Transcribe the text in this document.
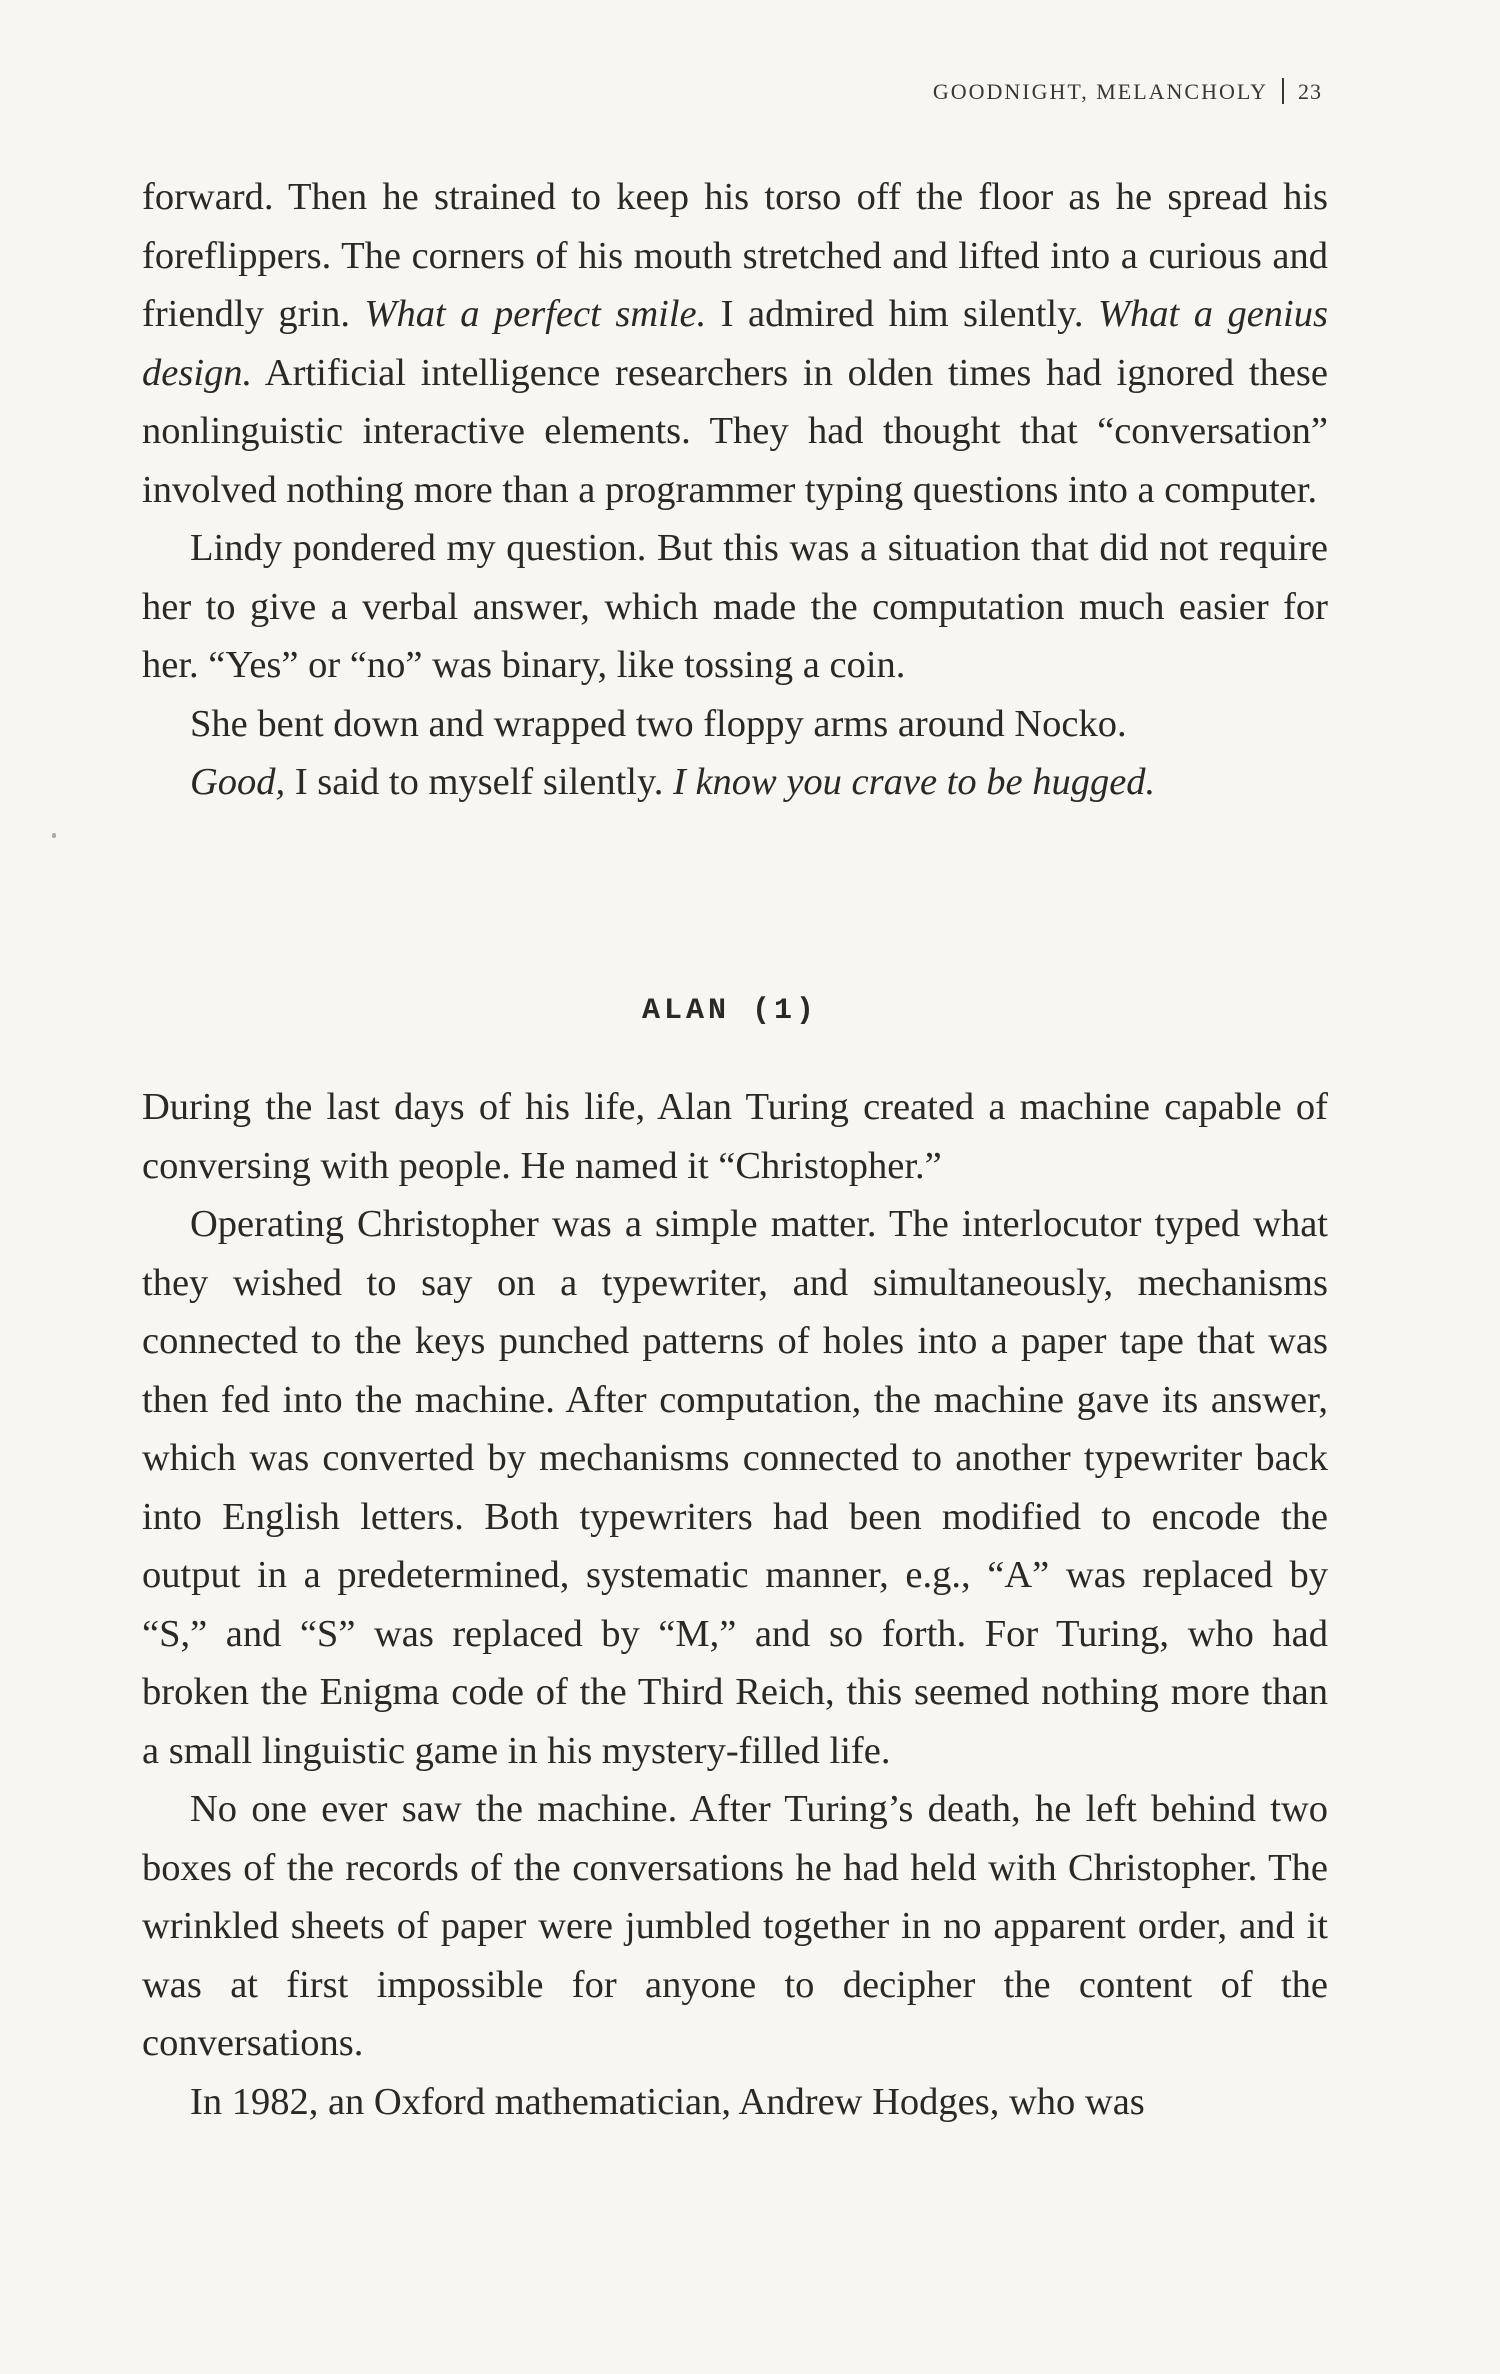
GOODNIGHT, MELANCHOLY 23

forward. Then he strained to keep his torso off the floor as he spread his foreflippers. The corners of his mouth stretched and lifted into a curious and friendly grin. What a perfect smile. I admired him silently. What a genius design. Artificial intelligence researchers in olden times had ignored these nonlinguistic interactive elements. They had thought that “conversation” involved nothing more than a programmer typing questions into a computer.

Lindy pondered my question. But this was a situation that did not require her to give a verbal answer, which made the computation much easier for her. “Yes” or “no” was binary, like tossing a coin.

She bent down and wrapped two floppy arms around Nocko.

Good, I said to myself silently. I know you crave to be hugged.

ALAN (1)

During the last days of his life, Alan Turing created a machine capable of conversing with people. He named it “Christopher.”

Operating Christopher was a simple matter. The interlocutor typed what they wished to say on a typewriter, and simultaneously, mechanisms connected to the keys punched patterns of holes into a paper tape that was then fed into the machine. After computation, the machine gave its answer, which was converted by mechanisms connected to another typewriter back into English letters. Both typewriters had been modified to encode the output in a predetermined, systematic manner, e.g., “A” was replaced by “S,” and “S” was replaced by “M,” and so forth. For Turing, who had broken the Enigma code of the Third Reich, this seemed nothing more than a small linguistic game in his mystery-filled life.

No one ever saw the machine. After Turing’s death, he left behind two boxes of the records of the conversations he had held with Christopher. The wrinkled sheets of paper were jumbled together in no apparent order, and it was at first impossible for anyone to decipher the content of the conversations.

In 1982, an Oxford mathematician, Andrew Hodges, who was
